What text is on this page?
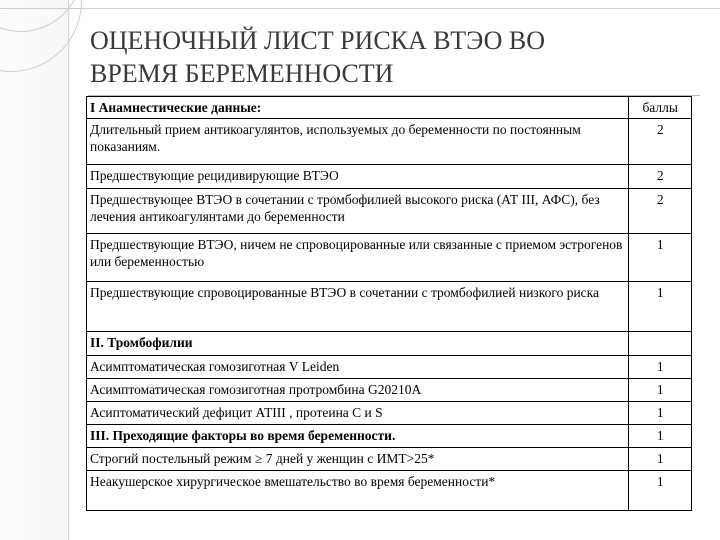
ОЦЕНОЧНЫЙ ЛИСТ РИСКА ВТЭО ВО
ВРЕМЯ БЕРЕМЕННОСТИ
I Анамнестические данные:	баллы
Длительный прием антикоагулянтов, используемых до беременности по постоянным показаниям.	2
Предшествующие рецидивирующие ВТЭО	2
Предшествующее ВТЭО в сочетании с тромбофилией высокого риска (АТ III, АФС), без лечения антикоагулянтами до беременности	2
Предшествующие ВТЭО, ничем не спровоцированные или связанные с приемом эстрогенов или беременностью	1
Предшествующие спровоцированные ВТЭО в сочетании с тромбофилией низкого риска	1
II. Тромбофилии	
Асимптоматическая гомозиготная V Leiden	1
Асимптоматическая гомозиготная протромбина G20210A	1
Асиптоматический дефицит АТIII , протеина С и S	1
III. Преходящие факторы во время беременности.	1
Строгий постельный режим ≥ 7 дней у женщин с ИМТ>25*	1
Неакушерское хирургическое вмешательство во время беременности*	1
